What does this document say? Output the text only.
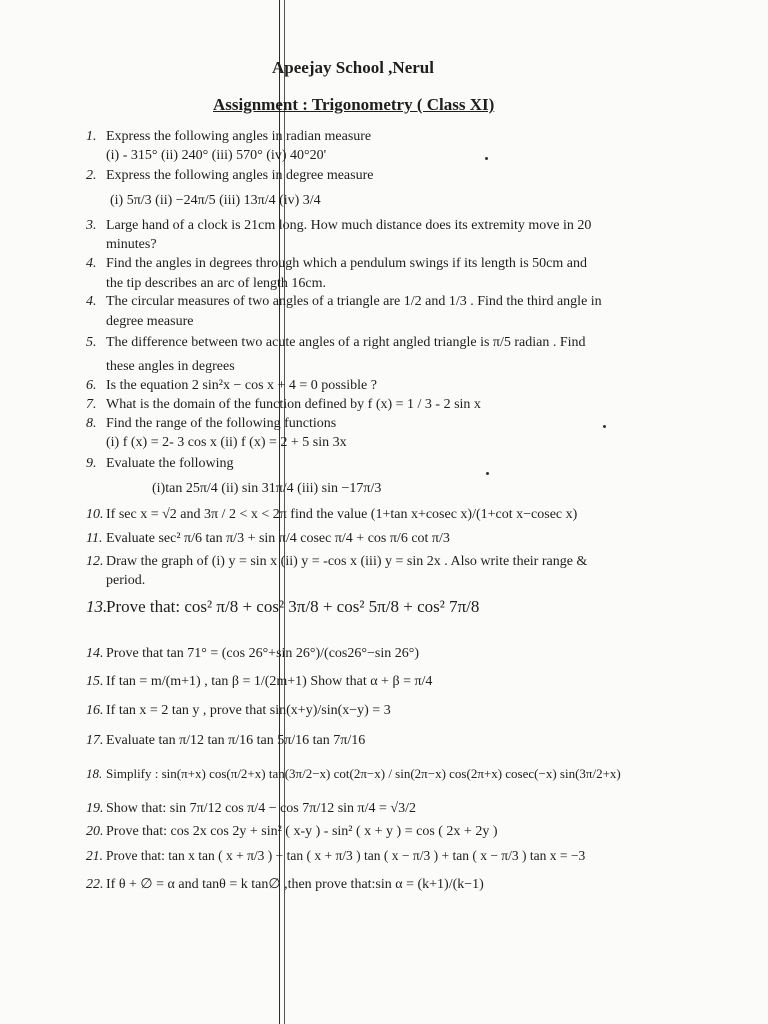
Apeejay School ,Nerul
Assignment : Trigonometry ( Class XI)
1. Express the following angles in radian measure
(i) - 315° (ii) 240° (iii) 570° (iv) 40°20'
2. Express the following angles in degree measure
(i) 5π/3 (ii) −24π/5 (iii) 13π/4 (iv) 3/4
3. Large hand of a clock is 21cm long. How much distance does its extremity move in 20
minutes?
4. Find the angles in degrees through which a pendulum swings if its length is 50cm and
the tip describes an arc of length 16cm.
4. The circular measures of two angles of a triangle are 1/2 and 1/3 . Find the third angle in
degree measure
5. The difference between two acute angles of a right angled triangle is π/5 radian . Find
these angles in degrees
6. Is the equation 2 sin²x − cos x + 4 = 0 possible ?
7. What is the domain of the function defined by f (x) = 1 / 3 - 2 sin x
8. Find the range of the following functions
(i) f (x) = 2- 3 cos x (ii) f (x) = 2 + 5 sin 3x
9. Evaluate the following
(i)tan 25π/4 (ii) sin 31π/4 (iii) sin −17π/3
10. If sec x = √2 and 3π / 2 < x < 2π find the value (1+tan x+cosec x)/(1+cot x−cosec x)
11. Evaluate sec² π/6 tan π/3 + sin π/4 cosec π/4 + cos π/6 cot π/3
12. Draw the graph of (i) y = sin x (ii) y = -cos x (iii) y = sin 2x . Also write their range &
period.
13.Prove that: cos² π/8 + cos² 3π/8 + cos² 5π/8 + cos² 7π/8
14. Prove that tan 71° = (cos 26°+sin 26°)/(cos26°−sin 26°)
15. If tan = m/(m+1) , tan β = 1/(2m+1) Show that α + β = π/4
16. If tan x = 2 tan y , prove that sin(x+y)/sin(x−y) = 3
17. Evaluate tan π/12 tan π/16 tan 5π/16 tan 7π/16
18. Simplify : sin(π+x) cos(π/2+x) tan(3π/2−x) cot(2π−x) / sin(2π−x) cos(2π+x) cosec(−x) sin(3π/2+x)
19. Show that: sin 7π/12 cos π/4 − cos 7π/12 sin π/4 = √3/2
20. Prove that: cos 2x cos 2y + sin² ( x-y ) - sin² ( x + y ) = cos ( 2x + 2y )
21. Prove that: tan x tan ( x + π/3 ) + tan ( x + π/3 ) tan ( x − π/3 ) + tan ( x − π/3 ) tan x = −3
22. If θ + ∅ = α and tanθ = k tan∅ ,then prove that:sin α = (k+1)/(k−1)
